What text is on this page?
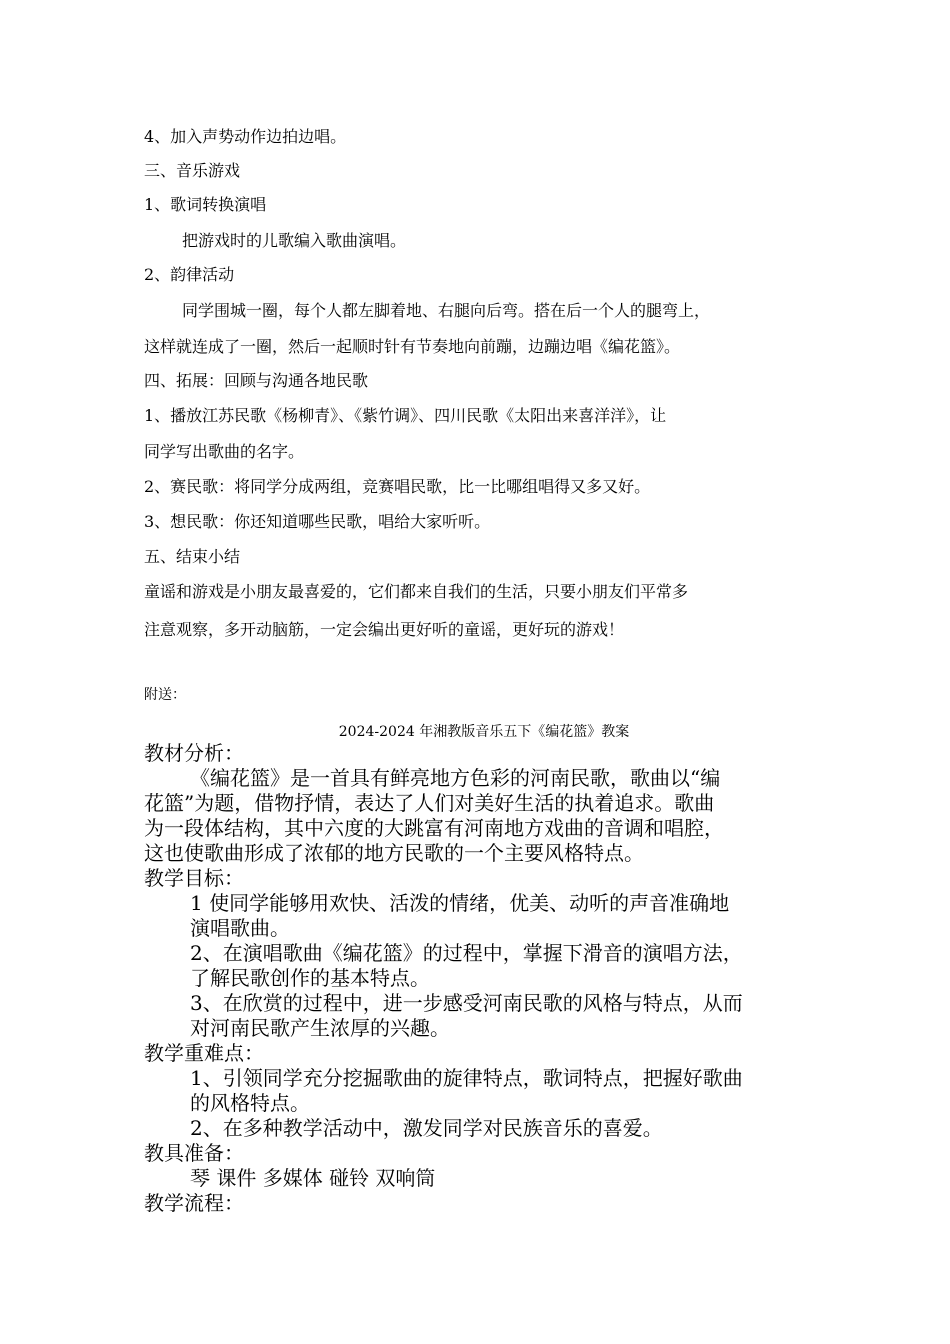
4、加入声势动作边拍边唱。
三、音乐游戏
1、歌词转换演唱
把游戏时的儿歌编入歌曲演唱。
2、韵律活动
同学围城一圈，每个人都左脚着地、右腿向后弯。搭在后一个人的腿弯上，
这样就连成了一圈，然后一起顺时针有节奏地向前蹦，边蹦边唱《编花篮》。
四、拓展：回顾与沟通各地民歌
1、播放江苏民歌《杨柳青》、《紫竹调》、四川民歌《太阳出来喜洋洋》，让
同学写出歌曲的名字。
2、赛民歌：将同学分成两组，竞赛唱民歌，比一比哪组唱得又多又好。
3、想民歌：你还知道哪些民歌，唱给大家听听。
五、结束小结
童谣和游戏是小朋友最喜爱的，它们都来自我们的生活，只要小朋友们平常多
注意观察，多开动脑筋，一定会编出更好听的童谣，更好玩的游戏！
附送：
2024-2024 年湘教版音乐五下《编花篮》教案
教材分析：
《编花篮》是一首具有鲜亮地方色彩的河南民歌，歌曲以“编
花篮”为题，借物抒情，表达了人们对美好生活的执着追求。歌曲
为一段体结构，其中六度的大跳富有河南地方戏曲的音调和唱腔，
这也使歌曲形成了浓郁的地方民歌的一个主要风格特点。
教学目标：
1 使同学能够用欢快、活泼的情绪，优美、动听的声音准确地
演唱歌曲。
2、在演唱歌曲《编花篮》的过程中，掌握下滑音的演唱方法，
了解民歌创作的基本特点。
3、在欣赏的过程中，进一步感受河南民歌的风格与特点，从而
对河南民歌产生浓厚的兴趣。
教学重难点：
1、引领同学充分挖掘歌曲的旋律特点，歌词特点，把握好歌曲
的风格特点。
2、在多种教学活动中，激发同学对民族音乐的喜爱。
教具准备：
琴 课件 多媒体 碰铃 双响筒
教学流程：
